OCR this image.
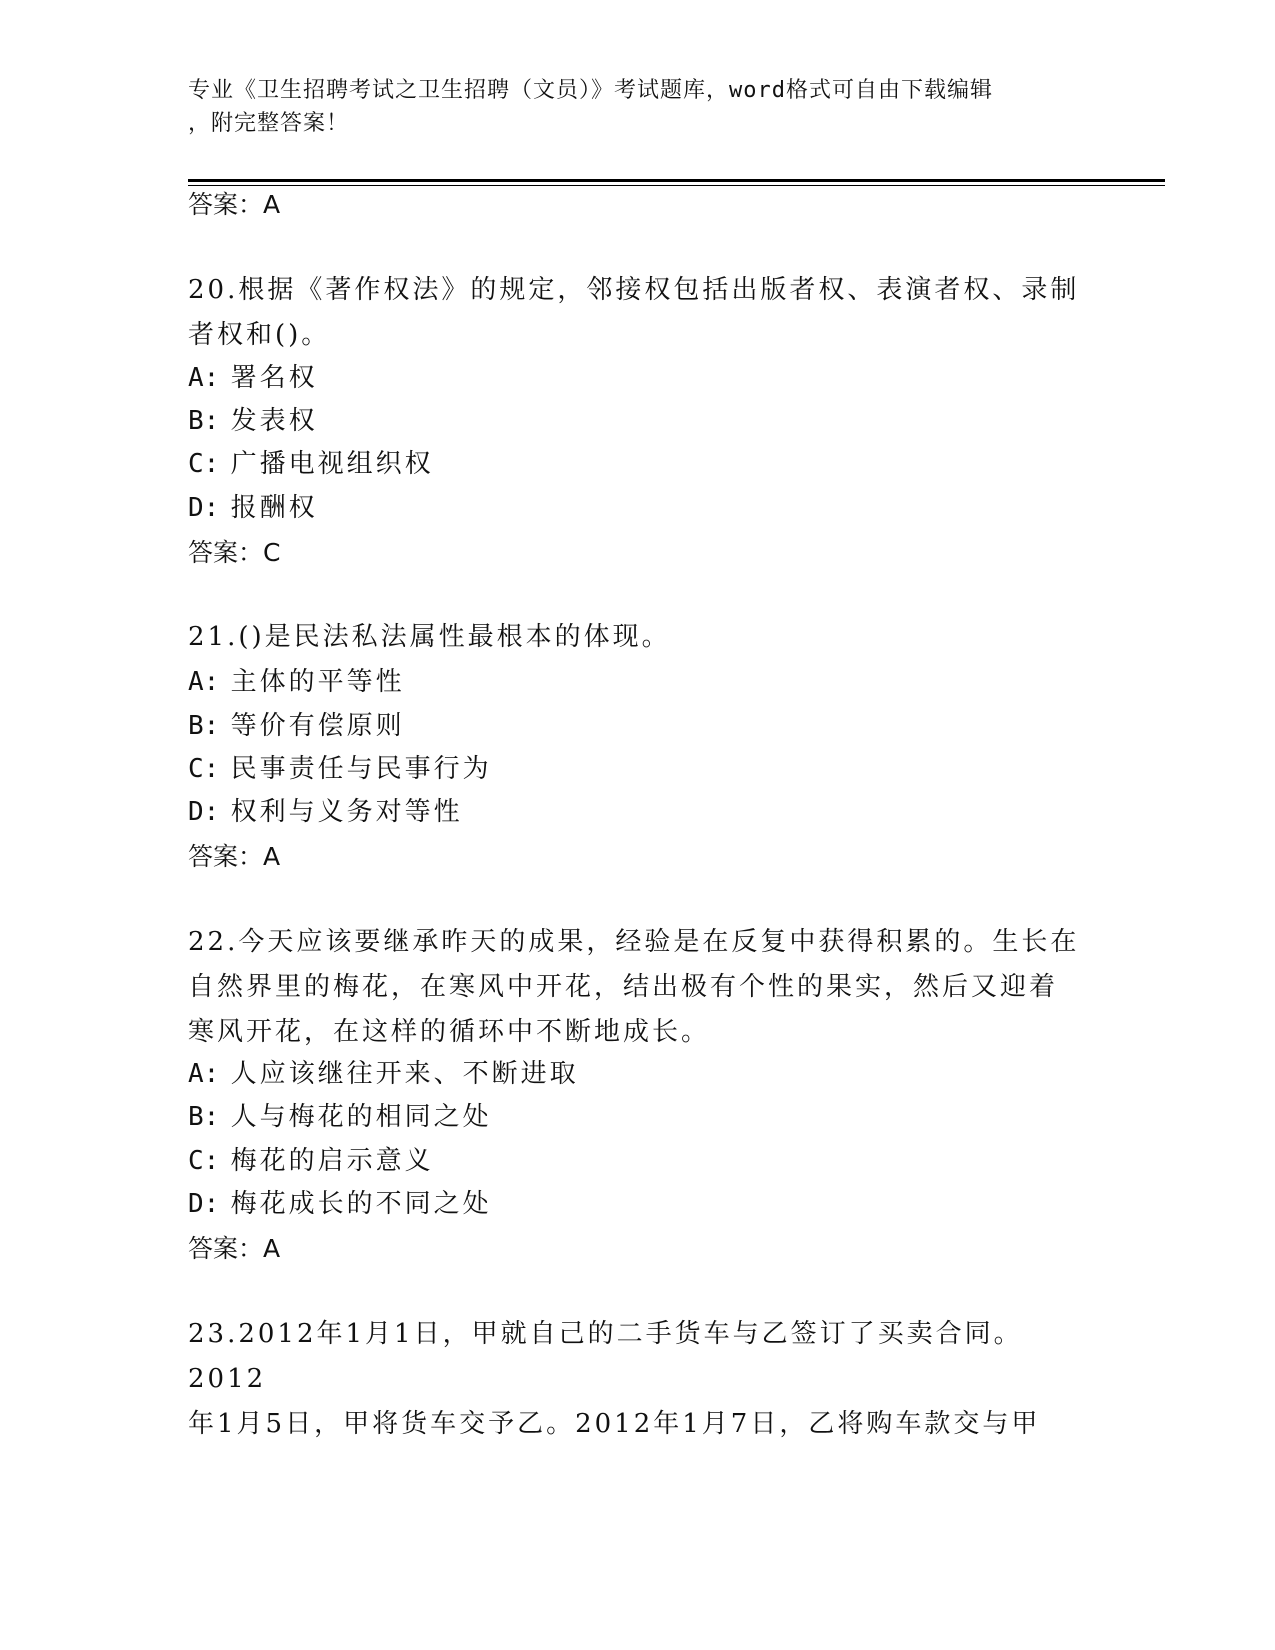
专业《卫生招聘考试之卫生招聘（文员）》考试题库，word格式可自由下载编辑
，附完整答案！

答案：A

20.根据《著作权法》的规定，邻接权包括出版者权、表演者权、录制
者权和()。

A: 署名权

B: 发表权

C: 广播电视组织权

D: 报酬权

答案：C

21.()是民法私法属性最根本的体现。

A: 主体的平等性

B: 等价有偿原则

C: 民事责任与民事行为

D: 权利与义务对等性

答案：A

22.今天应该要继承昨天的成果，经验是在反复中获得积累的。生长在
自然界里的梅花，在寒风中开花，结出极有个性的果实，然后又迎着
寒风开花，在这样的循环中不断地成长。

A: 人应该继往开来、不断进取

B: 人与梅花的相同之处

C: 梅花的启示意义

D: 梅花成长的不同之处

答案：A

23.2012年1月1日，甲就自己的二手货车与乙签订了买卖合同。2012
年1月5日，甲将货车交予乙。2012年1月7日，乙将购车款交与甲
